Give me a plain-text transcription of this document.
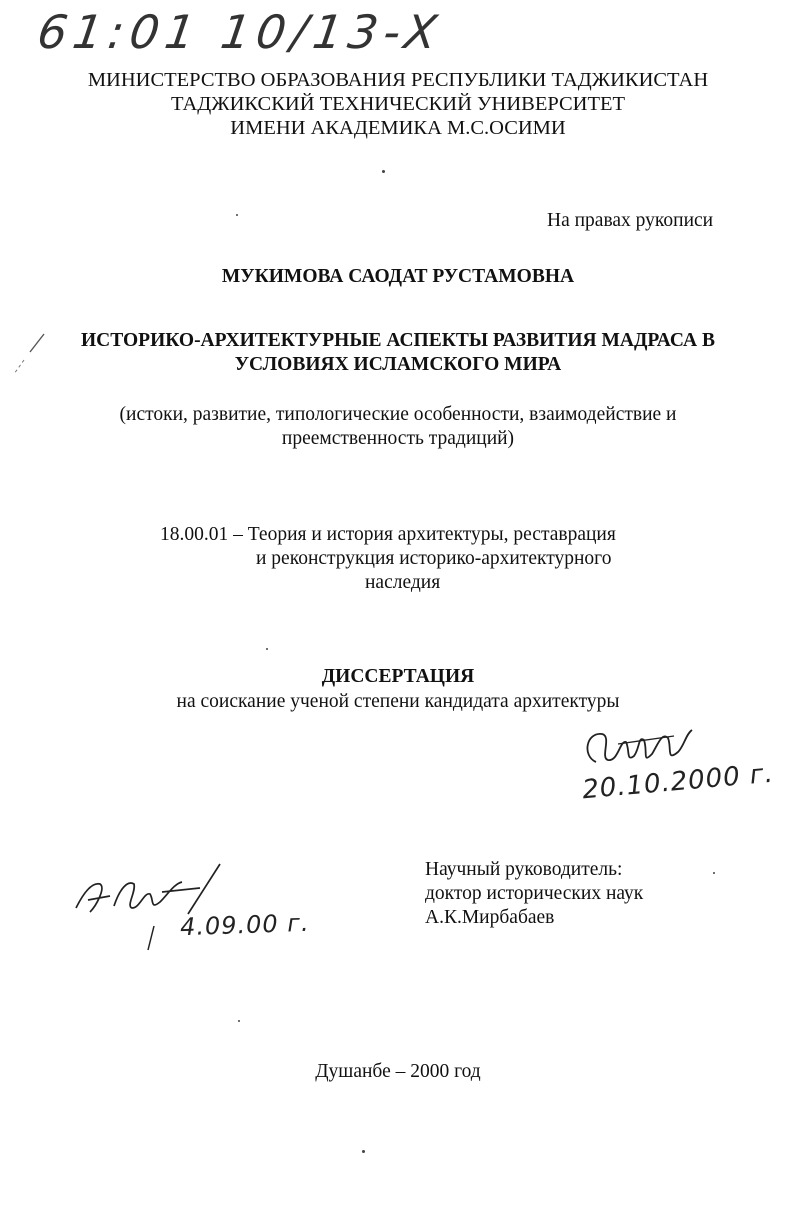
61:01 10/13-X
МИНИСТЕРСТВО ОБРАЗОВАНИЯ РЕСПУБЛИКИ ТАДЖИКИСТАН
ТАДЖИКСКИЙ ТЕХНИЧЕСКИЙ УНИВЕРСИТЕТ
ИМЕНИ АКАДЕМИКА М.С.ОСИМИ
На правах рукописи
МУКИМОВА САОДАТ РУСТАМОВНА
ИСТОРИКО-АРХИТЕКТУРНЫЕ АСПЕКТЫ РАЗВИТИЯ МАДРАСА В
УСЛОВИЯХ ИСЛАМСКОГО МИРА
(истоки, развитие, типологические особенности, взаимодействие и
преемственность традиций)
18.00.01 – Теория и история архитектуры, реставрация
и реконструкция историко-архитектурного
наследия
ДИССЕРТАЦИЯ
на соискание ученой степени кандидата архитектуры
20.10.2000 г.
4.09.00 г.
Научный руководитель:
доктор исторических наук
А.К.Мирбабаев
Душанбе – 2000 год
